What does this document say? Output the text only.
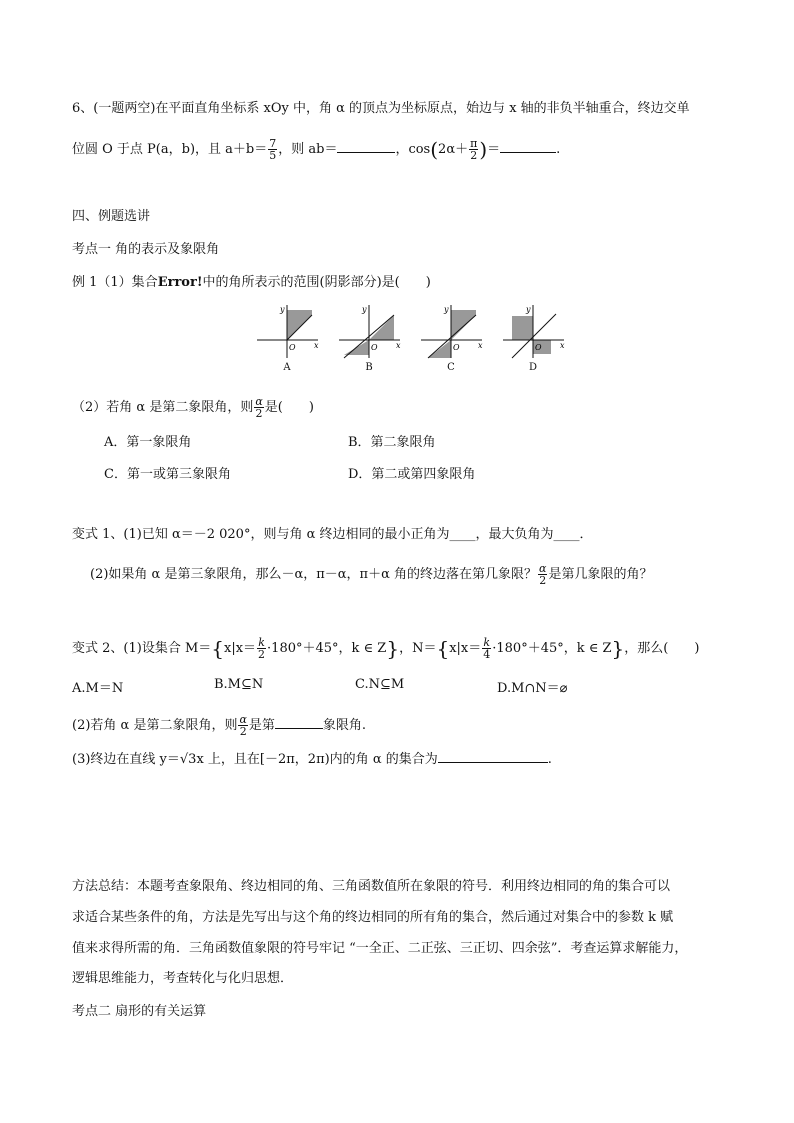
6、(一题两空)在平面直角坐标系 xOy 中，角 α 的顶点为坐标原点，始边与 x 轴的非负半轴重合，终边交单
位圆 O 于点 P(a，b)，且 $a+b= \frac{7}{5}$ ，则 ab＝	，$\cos(2\alpha+ \frac{\pi}{2}$ )＝	.
四、例题选讲
考点一 角的表示及象限角
例 1（1）集合Error!中的角所表示的范围(阴影部分)是(　　)
y
x
O
A
y
x
O
B
y
x
O
C
y
x
O
D
（2）若角 α 是第二象限角，则 $\frac{\alpha}{2}$ 是(　　)
A．第一象限角	B．第二象限角
C．第一或第三象限角	D．第二或第四象限角
变式 1、(1)已知 α＝－2 020°，则与角 α 终边相同的最小正角为____，最大负角为____．
(2)如果角 α 是第三象限角，那么－α，π－α，π＋α 角的终边落在第几象限？ $\frac{\alpha}{2}$ 是第几象限的角？
变式 2、(1)设集合 $M=\{x|x= \frac{k}{2} \cdot 180^\circ+45^\circ$，k ∈ Z}，$N=\{x|x= \frac{k}{4} \cdot 180^\circ+45^\circ$，k ∈ Z}，那么(　　)
A.M＝N	B.M⊆N	C.N⊆M	D.M∩N＝⌀
(2)若角 α 是第二象限角，则 $\frac{\alpha}{2}$ 是第	象限角.
(3)终边在直线 y＝√3x 上，且在[－2π，2π)内的角 α 的集合为	.
方法总结：本题考查象限角、终边相同的角、三角函数值所在象限的符号．利用终边相同的角的集合可以
求适合某些条件的角，方法是先写出与这个角的终边相同的所有角的集合，然后通过对集合中的参数 k 赋
值来求得所需的角．三角函数值象限的符号牢记 “一全正、二正弦、三正切、四余弦”．考查运算求解能力，
逻辑思维能力，考查转化与化归思想．
考点二 扇形的有关运算
